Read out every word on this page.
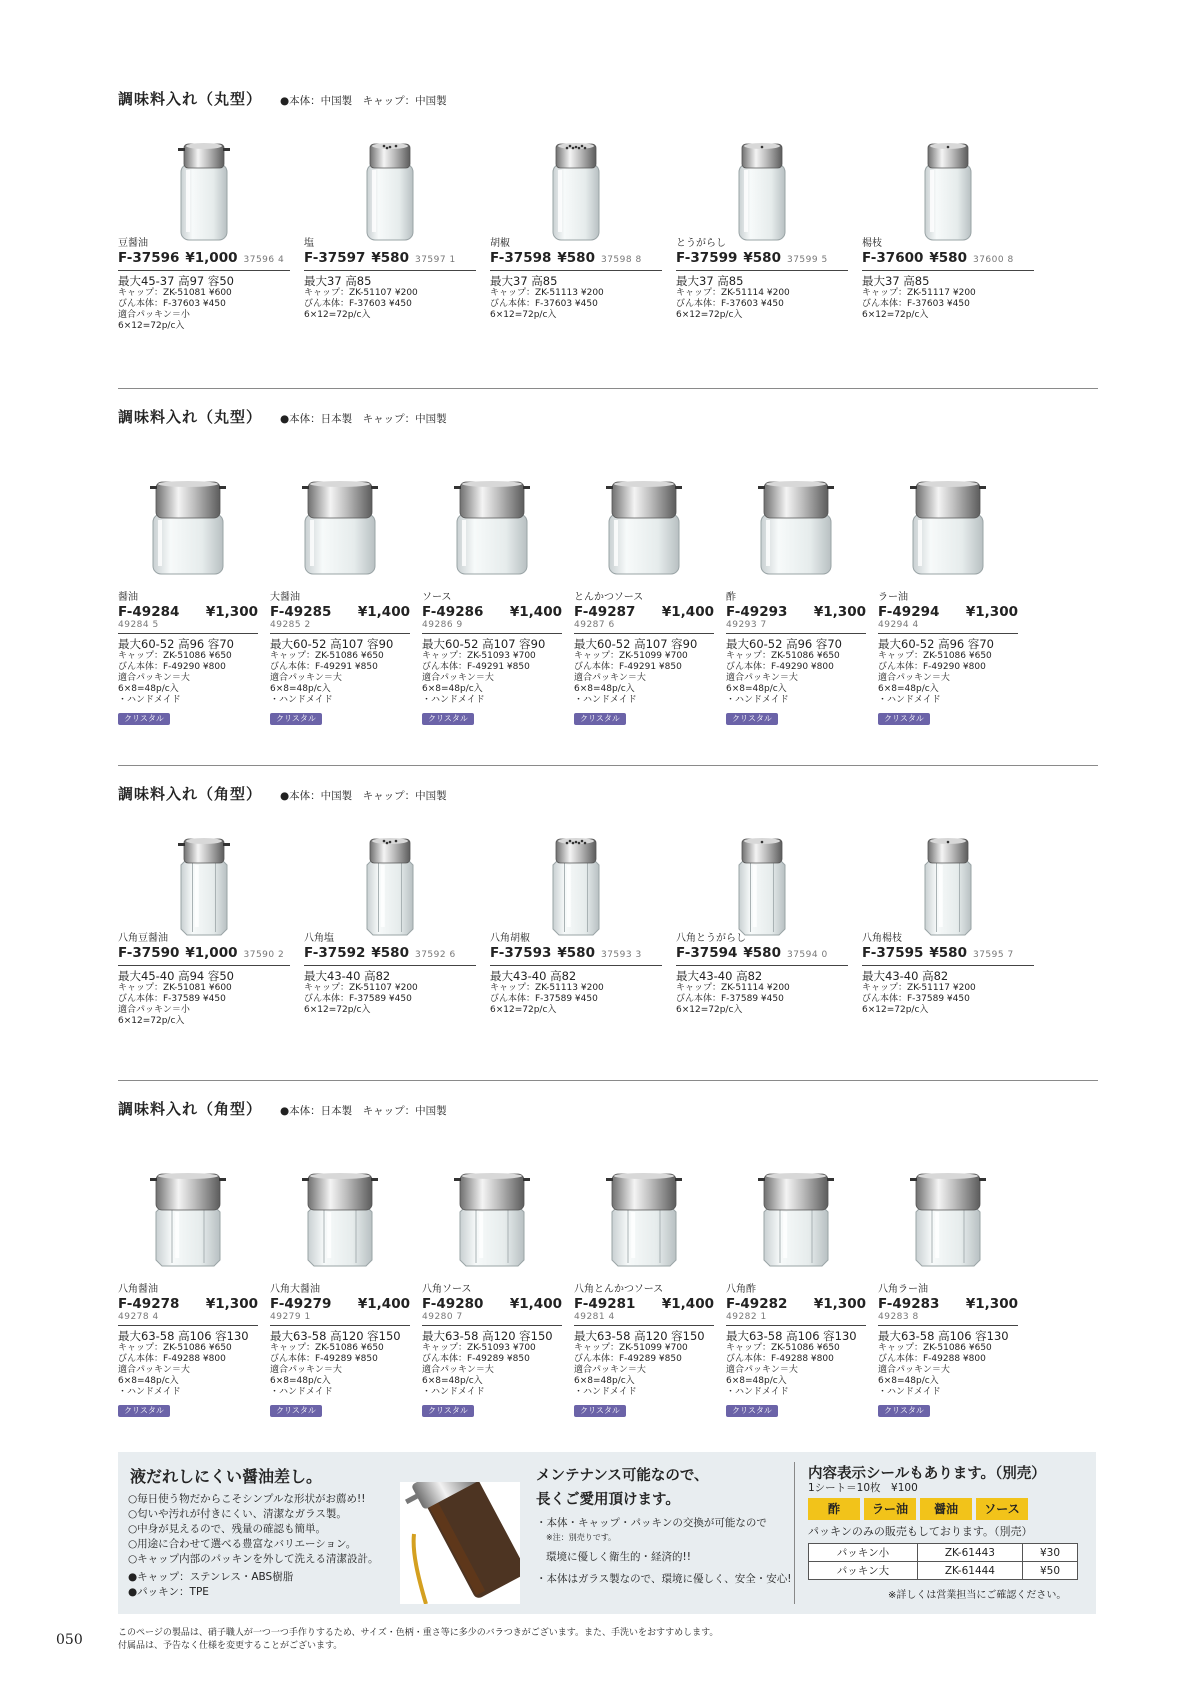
調味料入れ（丸型） ●本体：中国製　キャップ：中国製
豆醤油
F-37596 ¥1,000 37596 4
最大45-37 高97 容50
キャップ：ZK-51081 ¥600
びん本体：F-37603 ¥450
適合パッキン＝小
6×12=72p/c入
塩
F-37597 ¥580 37597 1
最大37 高85
キャップ：ZK-51107 ¥200
びん本体：F-37603 ¥450
6×12=72p/c入
胡椒
F-37598 ¥580 37598 8
最大37 高85
キャップ：ZK-51113 ¥200
びん本体：F-37603 ¥450
6×12=72p/c入
とうがらし
F-37599 ¥580 37599 5
最大37 高85
キャップ：ZK-51114 ¥200
びん本体：F-37603 ¥450
6×12=72p/c入
楊枝
F-37600 ¥580 37600 8
最大37 高85
キャップ：ZK-51117 ¥200
びん本体：F-37603 ¥450
6×12=72p/c入
調味料入れ（丸型） ●本体：日本製　キャップ：中国製
醤油
F-49284 ¥1,300
49284 5
最大60-52 高96 容70
キャップ：ZK-51086 ¥650
びん本体：F-49290 ¥800
適合パッキン＝大
6×8=48p/c入
・ハンドメイド
クリスタル
大醤油
F-49285 ¥1,400
49285 2
最大60-52 高107 容90
キャップ：ZK-51086 ¥650
びん本体：F-49291 ¥850
適合パッキン＝大
6×8=48p/c入
・ハンドメイド
クリスタル
ソース
F-49286 ¥1,400
49286 9
最大60-52 高107 容90
キャップ：ZK-51093 ¥700
びん本体：F-49291 ¥850
適合パッキン＝大
6×8=48p/c入
・ハンドメイド
クリスタル
とんかつソース
F-49287 ¥1,400
49287 6
最大60-52 高107 容90
キャップ：ZK-51099 ¥700
びん本体：F-49291 ¥850
適合パッキン＝大
6×8=48p/c入
・ハンドメイド
クリスタル
酢
F-49293 ¥1,300
49293 7
最大60-52 高96 容70
キャップ：ZK-51086 ¥650
びん本体：F-49290 ¥800
適合パッキン＝大
6×8=48p/c入
・ハンドメイド
クリスタル
ラー油
F-49294 ¥1,300
49294 4
最大60-52 高96 容70
キャップ：ZK-51086 ¥650
びん本体：F-49290 ¥800
適合パッキン＝大
6×8=48p/c入
・ハンドメイド
クリスタル
調味料入れ（角型） ●本体：中国製　キャップ：中国製
八角豆醤油
F-37590 ¥1,000 37590 2
最大45-40 高94 容50
キャップ：ZK-51081 ¥600
びん本体：F-37589 ¥450
適合パッキン＝小
6×12=72p/c入
八角塩
F-37592 ¥580 37592 6
最大43-40 高82
キャップ：ZK-51107 ¥200
びん本体：F-37589 ¥450
6×12=72p/c入
八角胡椒
F-37593 ¥580 37593 3
最大43-40 高82
キャップ：ZK-51113 ¥200
びん本体：F-37589 ¥450
6×12=72p/c入
八角とうがらし
F-37594 ¥580 37594 0
最大43-40 高82
キャップ：ZK-51114 ¥200
びん本体：F-37589 ¥450
6×12=72p/c入
八角楊枝
F-37595 ¥580 37595 7
最大43-40 高82
キャップ：ZK-51117 ¥200
びん本体：F-37589 ¥450
6×12=72p/c入
調味料入れ（角型） ●本体：日本製　キャップ：中国製
八角醤油
F-49278 ¥1,300
49278 4
最大63-58 高106 容130
キャップ：ZK-51086 ¥650
びん本体：F-49288 ¥800
適合パッキン＝大
6×8=48p/c入
・ハンドメイド
クリスタル
八角大醤油
F-49279 ¥1,400
49279 1
最大63-58 高120 容150
キャップ：ZK-51086 ¥650
びん本体：F-49289 ¥850
適合パッキン＝大
6×8=48p/c入
・ハンドメイド
クリスタル
八角ソース
F-49280 ¥1,400
49280 7
最大63-58 高120 容150
キャップ：ZK-51093 ¥700
びん本体：F-49289 ¥850
適合パッキン＝大
6×8=48p/c入
・ハンドメイド
クリスタル
八角とんかつソース
F-49281 ¥1,400
49281 4
最大63-58 高120 容150
キャップ：ZK-51099 ¥700
びん本体：F-49289 ¥850
適合パッキン＝大
6×8=48p/c入
・ハンドメイド
クリスタル
八角酢
F-49282 ¥1,300
49282 1
最大63-58 高106 容130
キャップ：ZK-51086 ¥650
びん本体：F-49288 ¥800
適合パッキン＝大
6×8=48p/c入
・ハンドメイド
クリスタル
八角ラー油
F-49283 ¥1,300
49283 8
最大63-58 高106 容130
キャップ：ZK-51086 ¥650
びん本体：F-49288 ¥800
適合パッキン＝大
6×8=48p/c入
・ハンドメイド
クリスタル
液だれしにくい醤油差し。
○毎日使う物だからこそシンプルな形状がお薦め!!
○匂いや汚れが付きにくい、清潔なガラス製。
○中身が見えるので、残量の確認も簡単。
○用途に合わせて選べる豊富なバリエーション。
○キャップ内部のパッキンを外して洗える清潔設計。
●キャップ：ステンレス・ABS樹脂
●パッキン：TPE
メンテナンス可能なので、
長くご愛用頂けます。
・本体・キャップ・パッキンの交換が可能なので
※注：別売りです。
環境に優しく衛生的・経済的!!
・本体はガラス製なので、環境に優しく、安全・安心!
内容表示シールもあります。（別売）
1シート＝10枚　¥100
酢	ラー油	醤油	ソース
パッキンのみの販売もしております。（別売）
パッキン小	ZK-61443	¥30
パッキン大	ZK-61444	¥50
※詳しくは営業担当にご確認ください。
このページの製品は、硝子職人が一つ一つ手作りするため、サイズ・色柄・重さ等に多少のバラつきがございます。また、手洗いをおすすめします。
付属品は、予告なく仕様を変更することがございます。
050
